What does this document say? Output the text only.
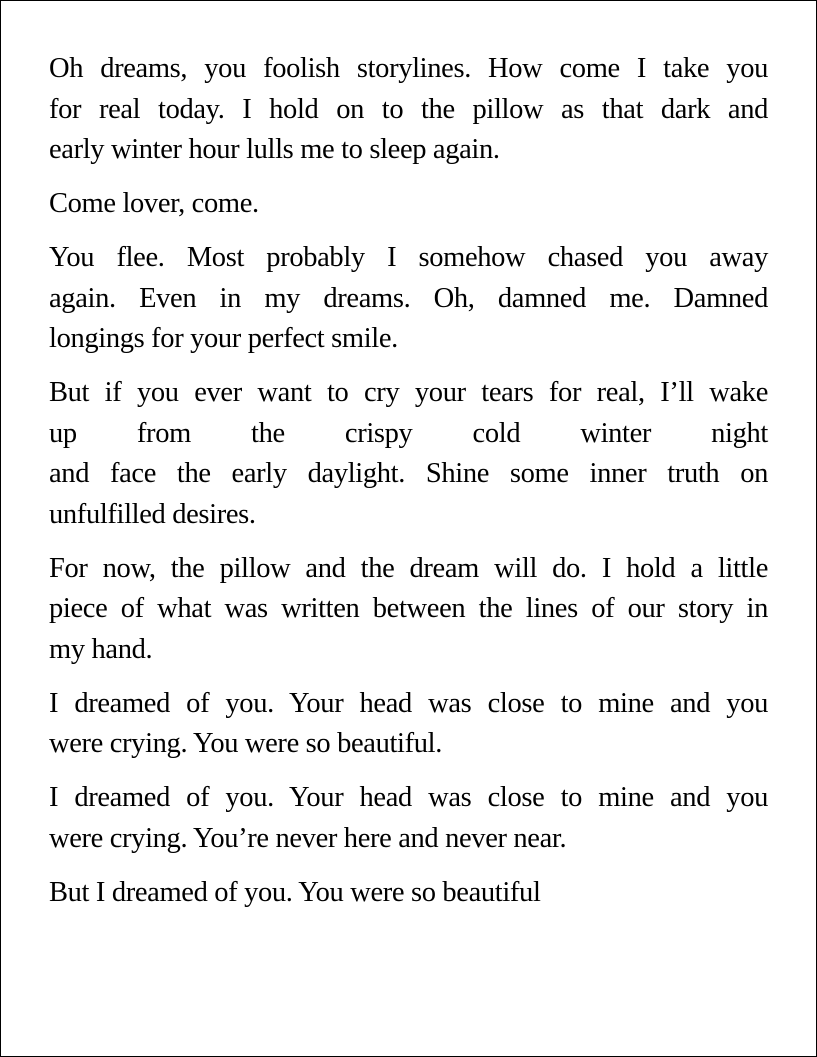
Oh dreams, you foolish storylines. How come I take you
for real today. I hold on to the pillow as that dark and
early winter hour lulls me to sleep again.

Come lover, come.

You flee. Most probably I somehow chased you away
again. Even in my dreams. Oh, damned me. Damned
longings for your perfect smile.

But if you ever want to cry your tears for real, I’ll wake
up from the crispy cold winter night
and face the early daylight. Shine some inner truth on
unfulfilled desires.

For now, the pillow and the dream will do. I hold a little
piece of what was written between the lines of our story in
my hand.

I dreamed of you. Your head was close to mine and you
were crying. You were so beautiful.

I dreamed of you. Your head was close to mine and you
were crying. You’re never here and never near.

But I dreamed of you. You were so beautiful
